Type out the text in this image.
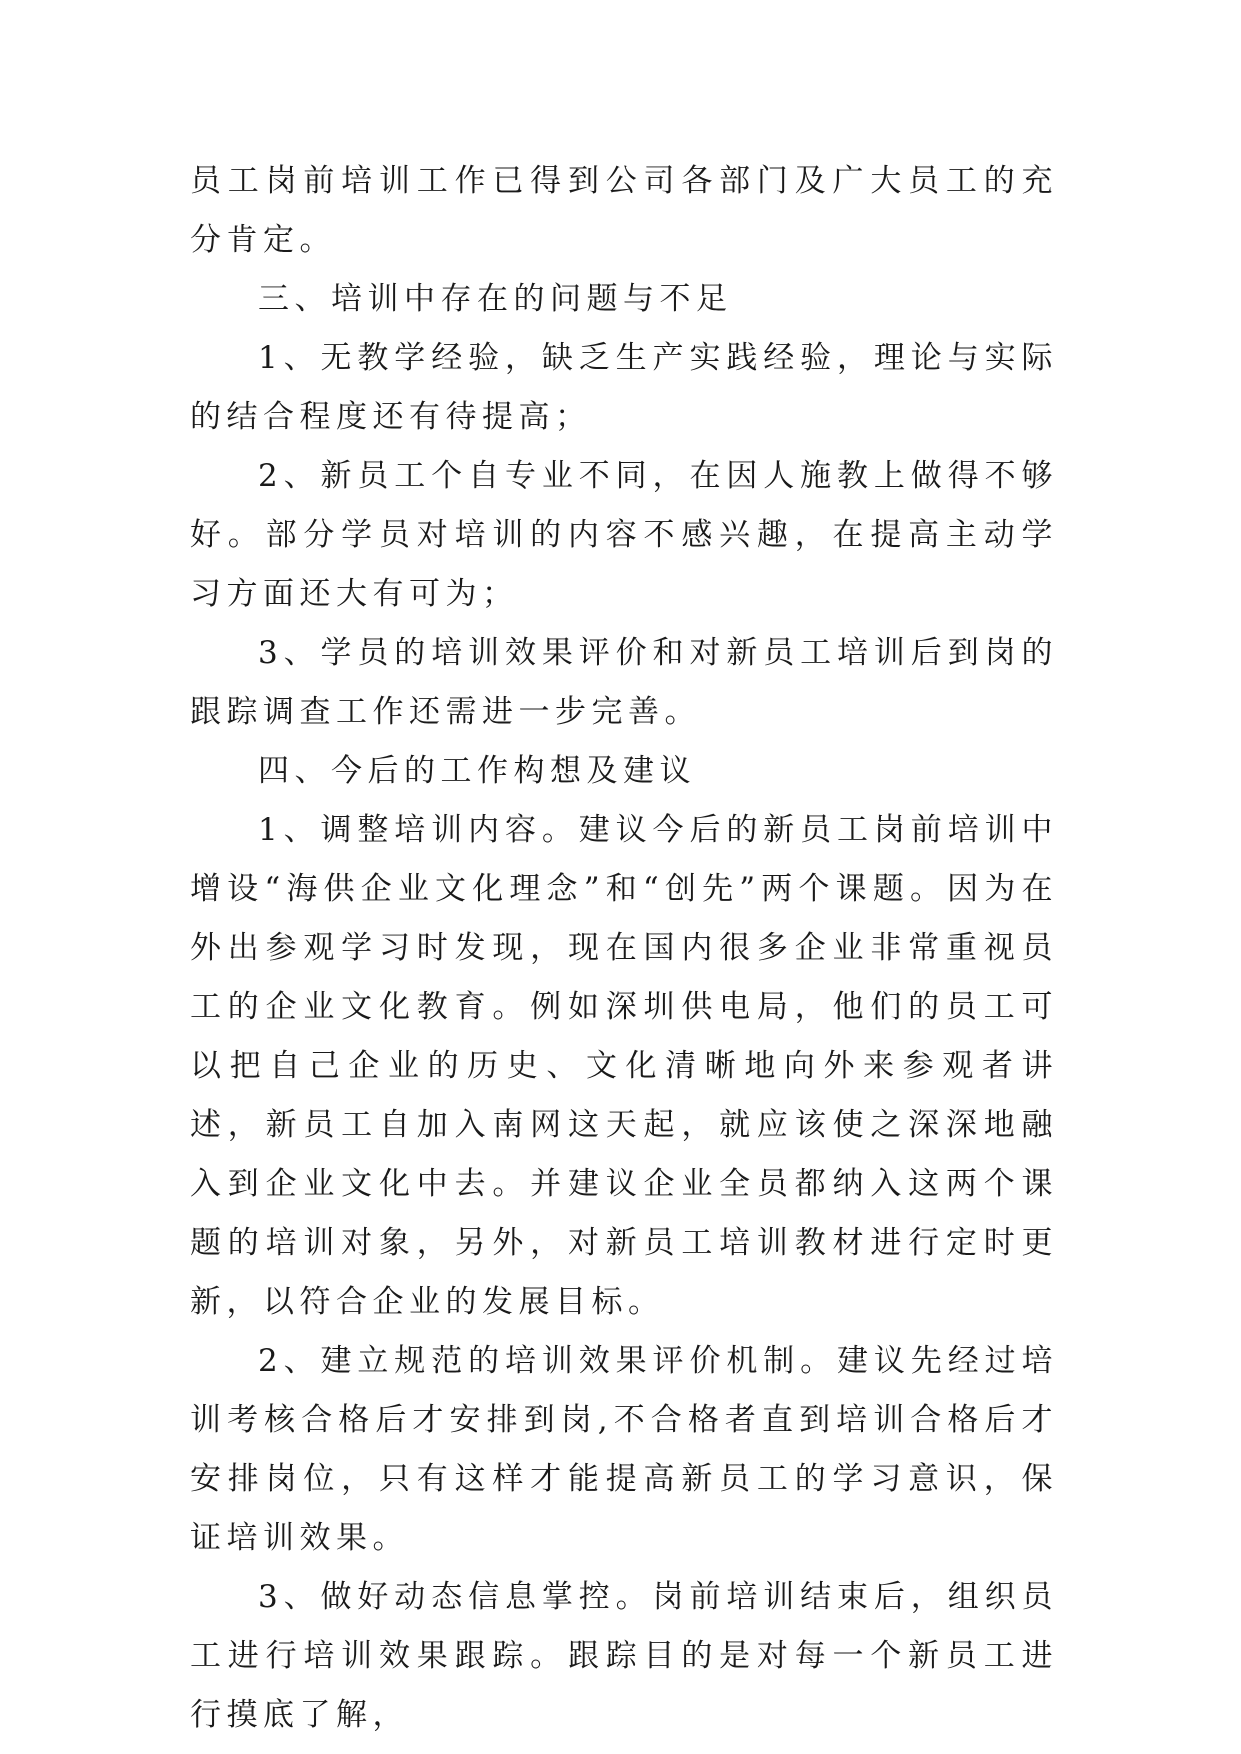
员工岗前培训工作已得到公司各部门及广大员工的充分肯定。

三、培训中存在的问题与不足

1、无教学经验，缺乏生产实践经验，理论与实际的结合程度还有待提高；

2、新员工个自专业不同，在因人施教上做得不够好。部分学员对培训的内容不感兴趣，在提高主动学习方面还大有可为；

3、学员的培训效果评价和对新员工培训后到岗的跟踪调查工作还需进一步完善。

四、今后的工作构想及建议

1、调整培训内容。建议今后的新员工岗前培训中增设“海供企业文化理念”和“创先”两个课题。因为在外出参观学习时发现，现在国内很多企业非常重视员工的企业文化教育。例如深圳供电局，他们的员工可以把自己企业的历史、文化清晰地向外来参观者讲述，新员工自加入南网这天起，就应该使之深深地融入到企业文化中去。并建议企业全员都纳入这两个课题的培训对象，另外，对新员工培训教材进行定时更新，以符合企业的发展目标。

2、建立规范的培训效果评价机制。建议先经过培训考核合格后才安排到岗,不合格者直到培训合格后才安排岗位，只有这样才能提高新员工的学习意识，保证培训效果。

3、做好动态信息掌控。岗前培训结束后，组织员工进行培训效果跟踪。跟踪目的是对每一个新员工进行摸底了解，
